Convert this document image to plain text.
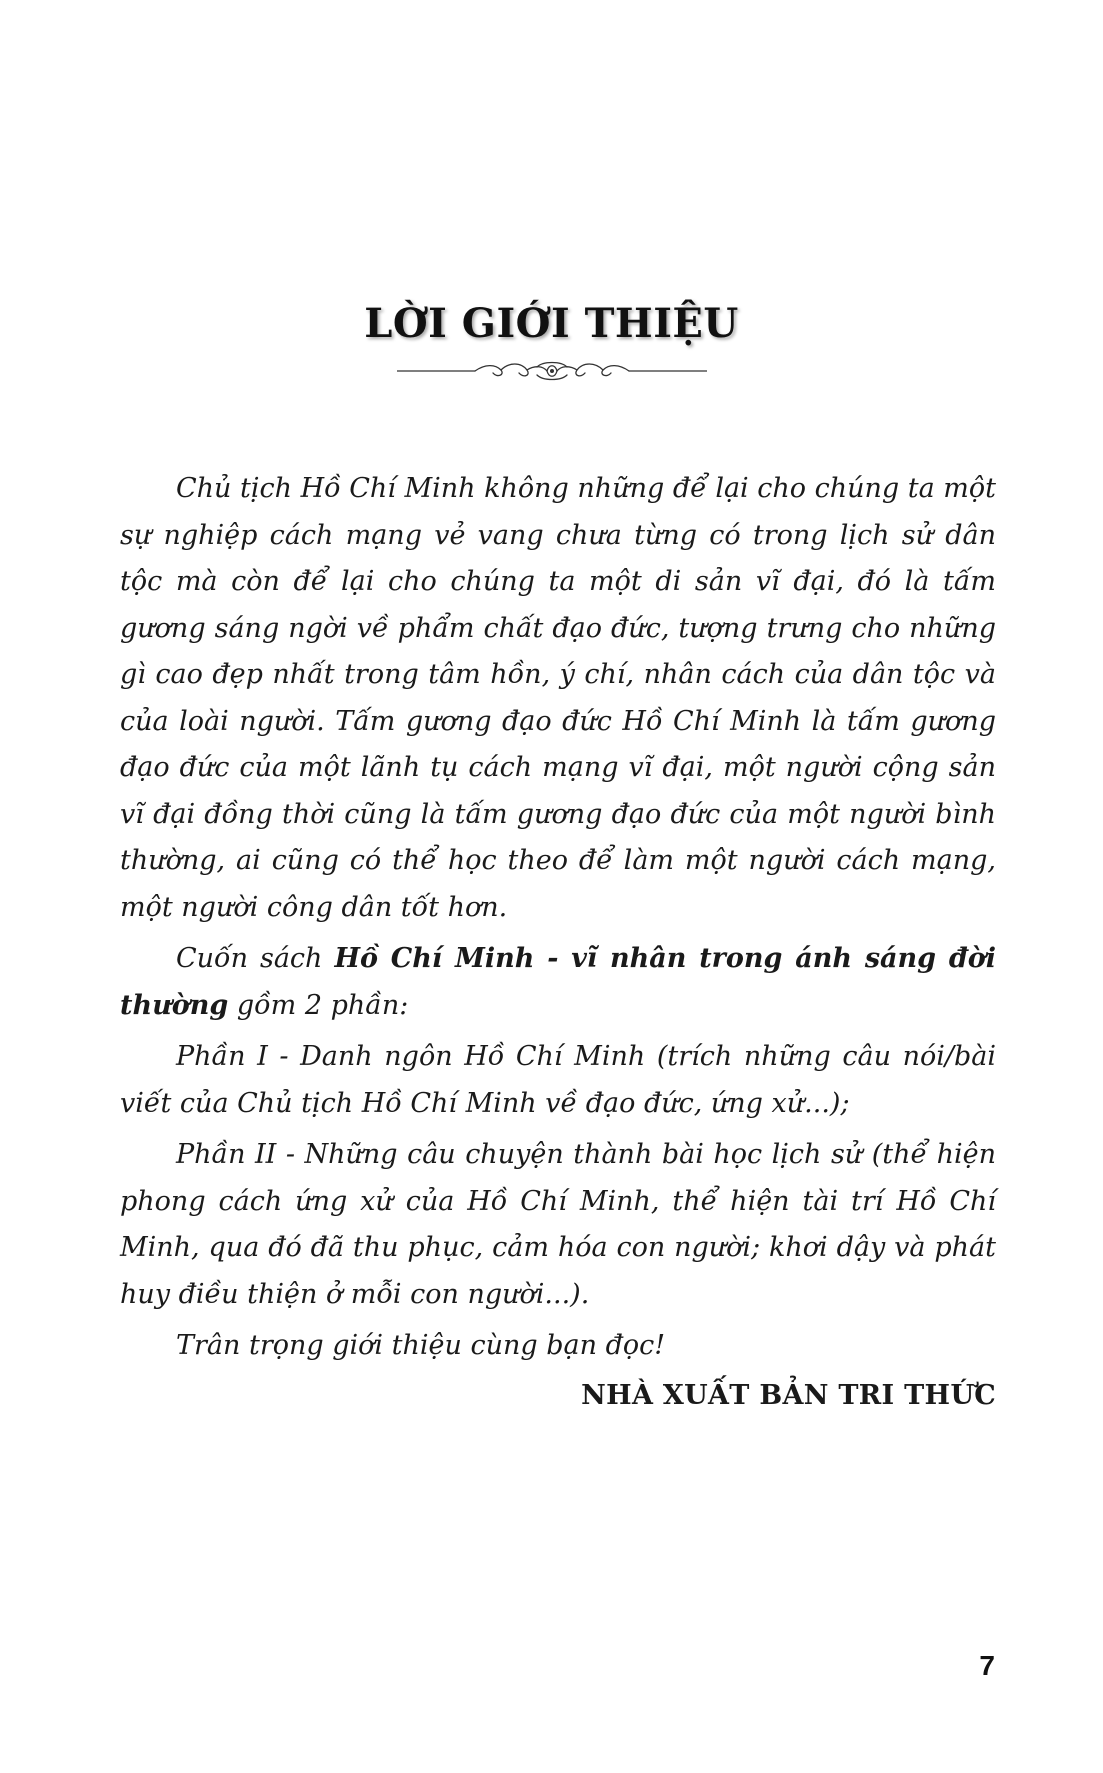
LỜI GIỚI THIỆU

Chủ tịch Hồ Chí Minh không những để lại cho chúng ta một sự nghiệp cách mạng vẻ vang chưa từng có trong lịch sử dân tộc mà còn để lại cho chúng ta một di sản vĩ đại, đó là tấm gương sáng ngời về phẩm chất đạo đức, tượng trưng cho những gì cao đẹp nhất trong tâm hồn, ý chí, nhân cách của dân tộc và của loài người. Tấm gương đạo đức Hồ Chí Minh là tấm gương đạo đức của một lãnh tụ cách mạng vĩ đại, một người cộng sản vĩ đại đồng thời cũng là tấm gương đạo đức của một người bình thường, ai cũng có thể học theo để làm một người cách mạng, một người công dân tốt hơn.

Cuốn sách Hồ Chí Minh - vĩ nhân trong ánh sáng đời thường gồm 2 phần:

Phần I - Danh ngôn Hồ Chí Minh (trích những câu nói/bài viết của Chủ tịch Hồ Chí Minh về đạo đức, ứng xử...);

Phần II - Những câu chuyện thành bài học lịch sử (thể hiện phong cách ứng xử của Hồ Chí Minh, thể hiện tài trí Hồ Chí Minh, qua đó đã thu phục, cảm hóa con người; khơi dậy và phát huy điều thiện ở mỗi con người...).

Trân trọng giới thiệu cùng bạn đọc!

NHÀ XUẤT BẢN TRI THỨC
7
